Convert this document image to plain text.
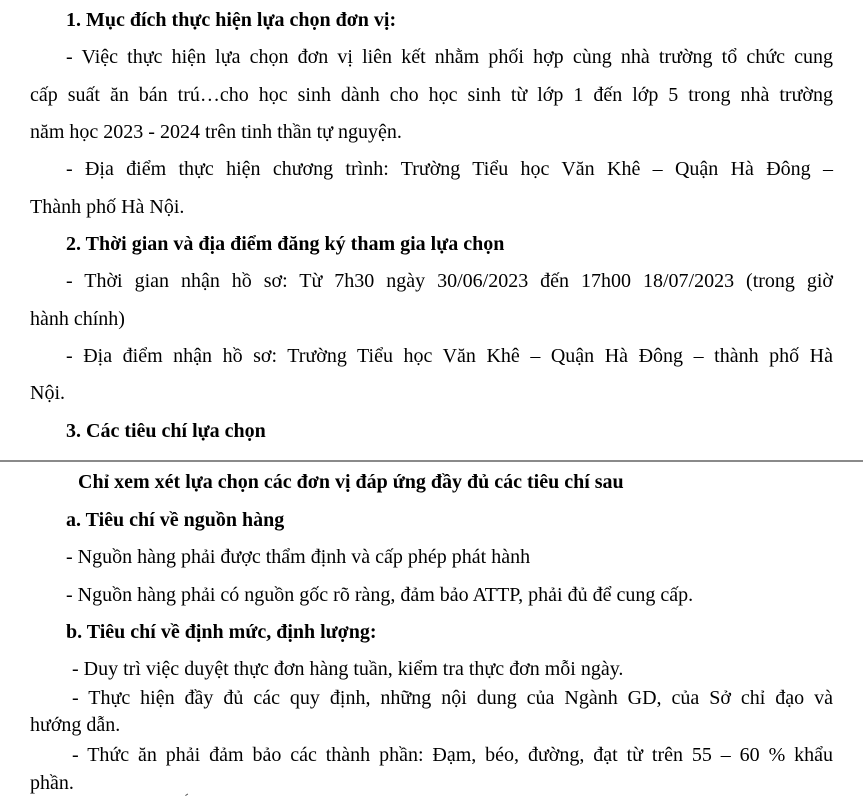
1. Mục đích thực hiện lựa chọn đơn vị:
- Việc thực hiện lựa chọn đơn vị liên kết nhằm phối hợp cùng nhà trường tổ chức cung
cấp suất ăn bán trú…cho học sinh dành cho học sinh từ lớp 1 đến lớp 5 trong nhà trường
năm học 2023 - 2024 trên tinh thần tự nguyện.
- Địa điểm thực hiện chương trình: Trường Tiểu học Văn Khê – Quận Hà Đông –
Thành phố Hà Nội.
2. Thời gian và địa điểm đăng ký tham gia lựa chọn
- Thời gian nhận hồ sơ: Từ 7h30 ngày 30/06/2023 đến 17h00 18/07/2023 (trong giờ
hành chính)
- Địa điểm nhận hồ sơ: Trường Tiểu học Văn Khê – Quận Hà Đông – thành phố Hà
Nội.
3. Các tiêu chí lựa chọn
Chỉ xem xét lựa chọn các đơn vị đáp ứng đầy đủ các tiêu chí sau
a. Tiêu chí về nguồn hàng
- Nguồn hàng phải được thẩm định và cấp phép phát hành
- Nguồn hàng phải có nguồn gốc rõ ràng, đảm bảo ATTP, phải đủ để cung cấp.
b. Tiêu chí về định mức, định lượng:
- Duy trì việc duyệt thực đơn hàng tuần, kiểm tra thực đơn mỗi ngày.
- Thực hiện đầy đủ các quy định, những nội dung của Ngành GD, của Sở chỉ đạo và
hướng dẫn.
- Thức ăn phải đảm bảo các thành phần: Đạm, béo, đường, đạt từ trên 55 – 60 % khẩu
phần.
